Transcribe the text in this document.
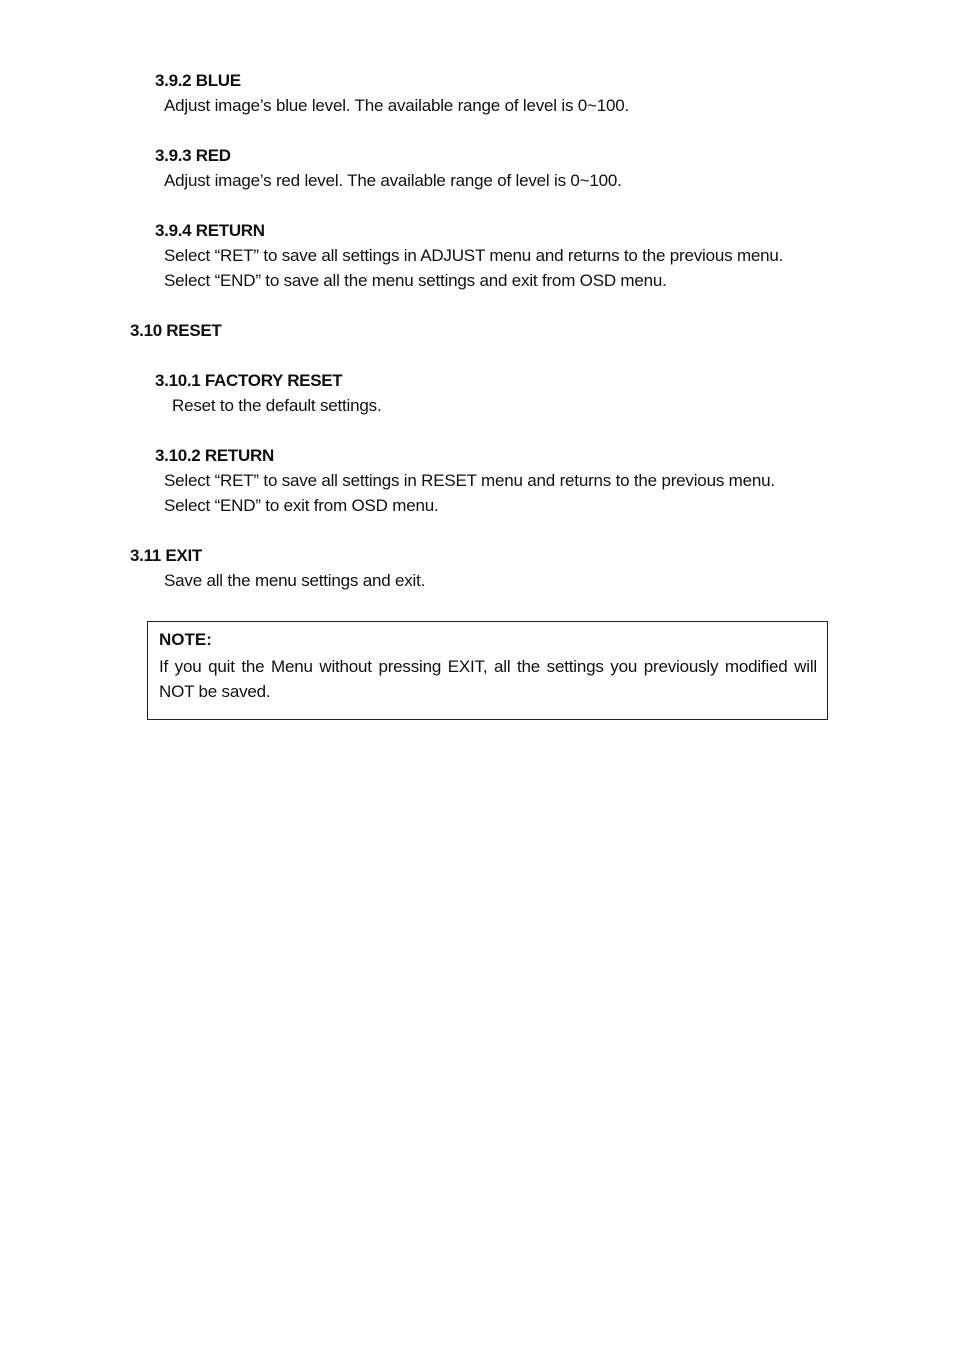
3.9.2 BLUE
Adjust image’s blue level. The available range of level is 0~100.
3.9.3 RED
Adjust image’s red level. The available range of level is 0~100.
3.9.4 RETURN
Select “RET” to save all settings in ADJUST menu and returns to the previous menu.
Select “END” to save all the menu settings and exit from OSD menu.
3.10 RESET
3.10.1 FACTORY RESET
Reset to the default settings.
3.10.2 RETURN
Select “RET” to save all settings in RESET menu and returns to the previous menu.
Select “END” to exit from OSD menu.
3.11 EXIT
Save all the menu settings and exit.
NOTE:
If you quit the Menu without pressing EXIT, all the settings you previously modified will NOT be saved.
